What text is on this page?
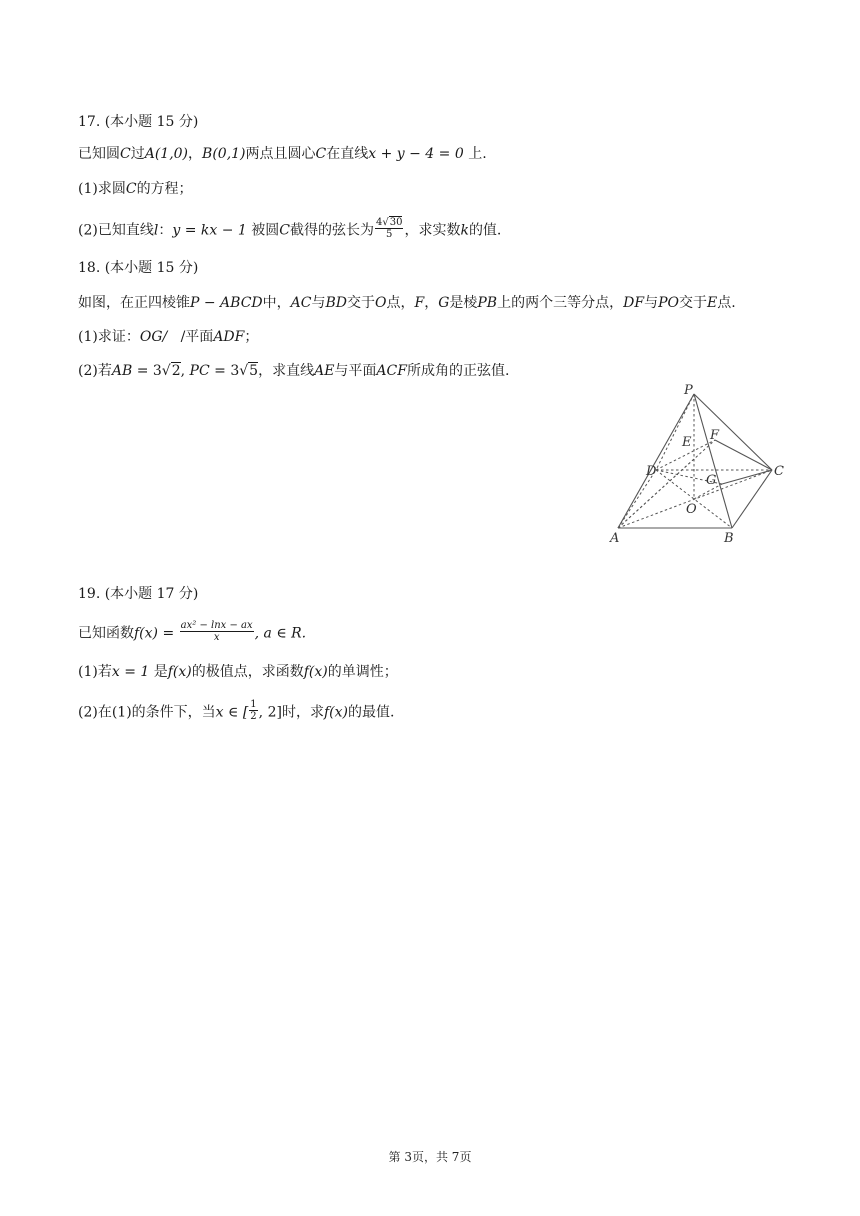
17. (本小题 15 分)
已知圆C过A(1,0)，B(0,1)两点且圆心C在直线x + y − 4 = 0 上.
(1)求圆C的方程；
(2)已知直线l：y = kx − 1 被圆C截得的弦长为 $\frac{4√30}{5}$ ，求实数k的值.
18. (本小题 15 分)
如图，在正四棱锥P − ABCD中，AC与BD交于O点，F，G是棱PB上的两个三等分点，DF与PO交于E点.
(1)求证：OG/   /平面ADF；
(2)若AB = 3√2, PC = 3√5，求直线AE与平面ACF所成角的正弦值.
P
E F
D	C
G
O
A	B
19. (本小题 17 分)
已知函数$f(x) = \frac{\text{ax² − lnx − ax}}{x}$ , a ∈ R.
(1)若x = 1 是f(x)的极值点，求函数f(x)的单调性；
(2)在(1)的条件下，当x ∈ [ $\frac{1}{2}$ , 2]时，求f(x)的最值.
第 3页，共 7页
